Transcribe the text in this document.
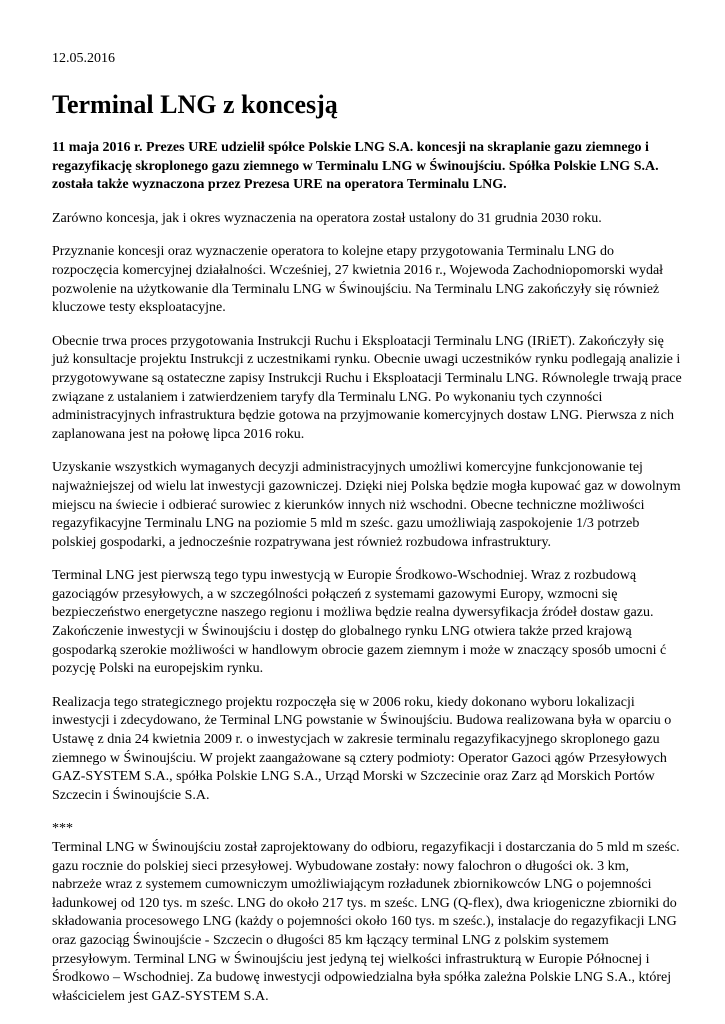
12.05.2016
Terminal LNG z koncesją
11 maja 2016 r. Prezes URE udzielił spółce Polskie LNG S.A. koncesji na skraplanie gazu ziemnego i regazyfikację skroplonego gazu ziemnego w Terminalu LNG w Świnoujściu. Spółka Polskie LNG S.A. została także wyznaczona przez Prezesa URE na operatora Terminalu LNG.
Zarówno koncesja, jak i okres wyznaczenia na operatora został ustalony do 31 grudnia 2030 roku.
Przyznanie koncesji oraz wyznaczenie operatora to kolejne etapy przygotowania Terminalu LNG do rozpoczęcia komercyjnej działalności. Wcześniej, 27 kwietnia 2016 r., Wojewoda Zachodniopomorski wydał pozwolenie na użytkowanie dla Terminalu LNG w Świnoujściu. Na Terminalu LNG zakończyły się również kluczowe testy eksploatacyjne.
Obecnie trwa proces przygotowania Instrukcji Ruchu i Eksploatacji Terminalu LNG (IRiET). Zakończyły się już konsultacje projektu Instrukcji z uczestnikami rynku. Obecnie uwagi uczestników rynku podlegają analizie i przygotowywane są ostateczne zapisy Instrukcji Ruchu i Eksploatacji Terminalu LNG. Równolegle trwają prace związane z ustalaniem i zatwierdzeniem taryfy dla Terminalu LNG. Po wykonaniu tych czynności administracyjnych infrastruktura będzie gotowa na przyjmowanie komercyjnych dostaw LNG. Pierwsza z nich zaplanowana jest na połowę lipca 2016 roku.
Uzyskanie wszystkich wymaganych decyzji administracyjnych umożliwi komercyjne funkcjonowanie tej najważniejszej od wielu lat inwestycji gazowniczej. Dzięki niej Polska będzie mogła kupować gaz w dowolnym miejscu na świecie i odbierać surowiec z kierunków innych niż wschodni. Obecne techniczne możliwości regazyfikacyjne Terminalu LNG na poziomie 5 mld m sześc. gazu umożliwiają zaspokojenie 1/3 potrzeb polskiej gospodarki, a jednocześnie rozpatrywana jest również rozbudowa infrastruktury.
Terminal LNG jest pierwszą tego typu inwestycją w Europie Środkowo-Wschodniej. Wraz z rozbudową gazociągów przesyłowych, a w szczególności połączeń z systemami gazowymi Europy, wzmocni się bezpieczeństwo energetyczne naszego regionu i możliwa będzie realna dywersyfikacja źródeł dostaw gazu. Zakończenie inwestycji w Świnoujściu i dostęp do globalnego rynku LNG otwiera także przed krajową gospodarką szerokie możliwości w handlowym obrocie gazem ziemnym i może w znaczący sposób umocni ć pozycję Polski na europejskim rynku.
Realizacja tego strategicznego projektu rozpoczęła się w 2006 roku, kiedy dokonano wyboru lokalizacji inwestycji i zdecydowano, że Terminal LNG powstanie w Świnoujściu. Budowa realizowana była w oparciu o Ustawę z dnia 24 kwietnia 2009 r. o inwestycjach w zakresie terminalu regazyfikacyjnego skroplonego gazu ziemnego w Świnoujściu. W projekt zaangażowane są cztery podmioty: Operator Gazoci ągów Przesyłowych GAZ-SYSTEM S.A., spółka Polskie LNG S.A., Urząd Morski w Szczecinie oraz Zarz ąd Morskich Portów Szczecin i Świnoujście S.A.
***
Terminal LNG w Świnoujściu został zaprojektowany do odbioru, regazyfikacji i dostarczania do 5 mld m sześc. gazu rocznie do polskiej sieci przesyłowej. Wybudowane zostały: nowy falochron o długości ok. 3 km, nabrzeże wraz z systemem cumowniczym umożliwiającym rozładunek zbiornikowców LNG o pojemności ładunkowej od 120 tys. m sześc. LNG do około 217 tys. m sześc. LNG (Q-flex), dwa kriogeniczne zbiorniki do składowania procesowego LNG (każdy o pojemności około 160 tys. m sześc.), instalacje do regazyfikacji LNG oraz gazociąg Świnoujście - Szczecin o długości 85 km łączący terminal LNG z polskim systemem przesyłowym. Terminal LNG w Świnoujściu jest jedyną tej wielkości infrastrukturą w Europie Północnej i Środkowo – Wschodniej. Za budowę inwestycji odpowiedzialna była spółka zależna Polskie LNG S.A., której właścicielem jest GAZ-SYSTEM S.A.
